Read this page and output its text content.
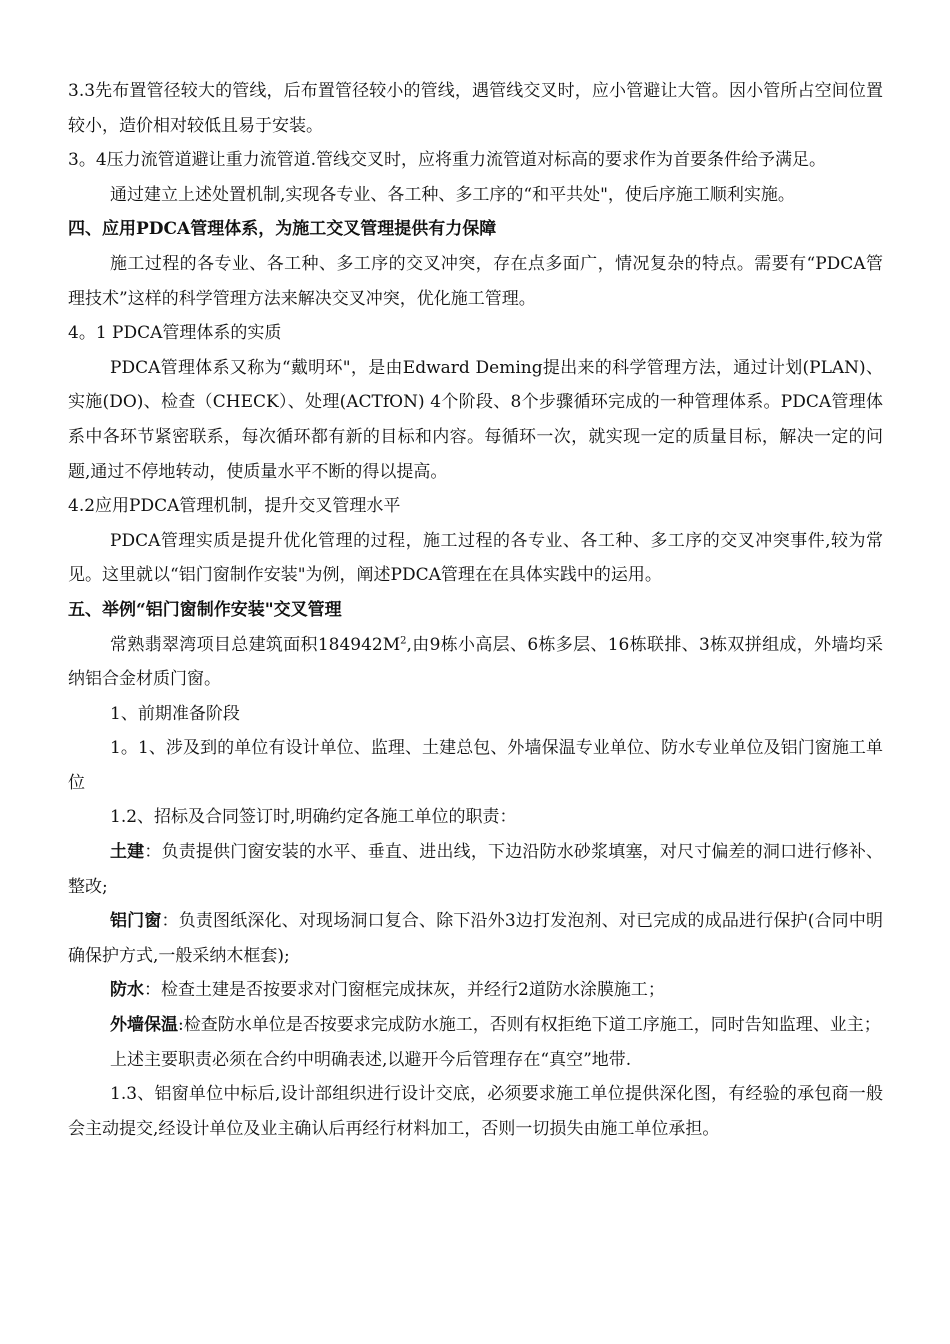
3.3先布置管径较大的管线，后布置管径较小的管线，遇管线交叉时，应小管避让大管。因小管所占空间位置较小，造价相对较低且易于安装。

3。4压力流管道避让重力流管道.管线交叉时，应将重力流管道对标高的要求作为首要条件给予满足。

通过建立上述处置机制,实现各专业、各工种、多工序的“和平共处"，使后序施工顺利实施。

四、应用PDCA管理体系，为施工交叉管理提供有力保障

施工过程的各专业、各工种、多工序的交叉冲突，存在点多面广，情况复杂的特点。需要有“PDCA管理技术”这样的科学管理方法来解决交叉冲突，优化施工管理。

4。1 PDCA管理体系的实质

PDCA管理体系又称为“戴明环"，是由Edward Deming提出来的科学管理方法，通过计划(PLAN)、实施(DO)、检查（CHECK）、处理(ACTfON) 4个阶段、8个步骤循环完成的一种管理体系。PDCA管理体系中各环节紧密联系，每次循环都有新的目标和内容。每循环一次，就实现一定的质量目标，解决一定的问题,通过不停地转动，使质量水平不断的得以提高。

4.2应用PDCA管理机制，提升交叉管理水平

PDCA管理实质是提升优化管理的过程，施工过程的各专业、各工种、多工序的交叉冲突事件,较为常见。这里就以“铝门窗制作安装"为例，阐述PDCA管理在在具体实践中的运用。

五、举例“铝门窗制作安装"交叉管理

常熟翡翠湾项目总建筑面积$184942M^2$,由9栋小高层、6栋多层、16栋联排、3栋双拼组成，外墙均采纳铝合金材质门窗。

1、前期准备阶段

1。1、涉及到的单位有设计单位、监理、土建总包、外墙保温专业单位、防水专业单位及铝门窗施工单位

1.2、招标及合同签订时,明确约定各施工单位的职责：

土建：负责提供门窗安装的水平、垂直、进出线，下边沿防水砂浆填塞，对尺寸偏差的洞口进行修补、整改;

铝门窗：负责图纸深化、对现场洞口复合、除下沿外3边打发泡剂、对已完成的成品进行保护(合同中明确保护方式,一般采纳木框套);

防水：检查土建是否按要求对门窗框完成抹灰，并经行2道防水涂膜施工；

外墙保温:检查防水单位是否按要求完成防水施工，否则有权拒绝下道工序施工，同时告知监理、业主；

上述主要职责必须在合约中明确表述,以避开今后管理存在“真空”地带.

1.3、铝窗单位中标后,设计部组织进行设计交底，必须要求施工单位提供深化图，有经验的承包商一般会主动提交,经设计单位及业主确认后再经行材料加工，否则一切损失由施工单位承担。
